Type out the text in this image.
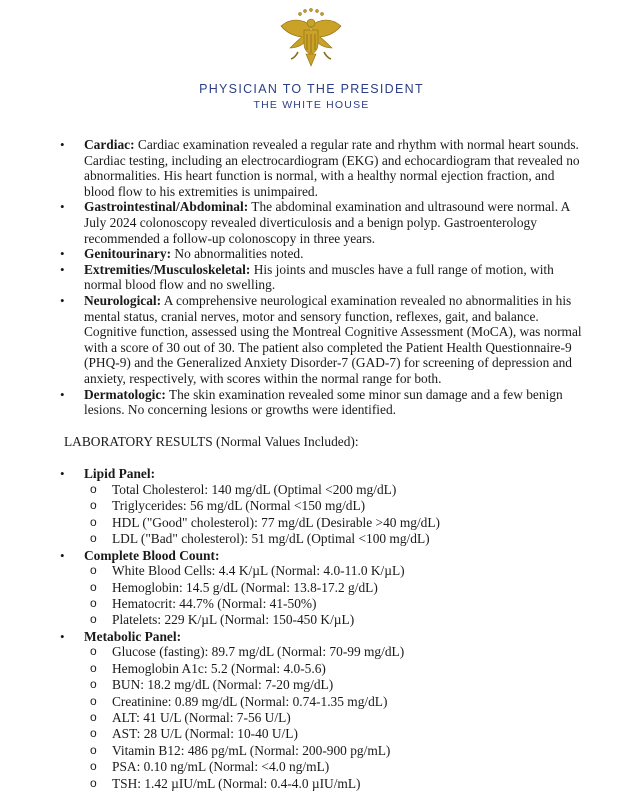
PHYSICIAN TO THE PRESIDENT
THE WHITE HOUSE
• Cardiac: Cardiac examination revealed a regular rate and rhythm with normal heart sounds. Cardiac testing, including an electrocardiogram (EKG) and echocardiogram that revealed no abnormalities. His heart function is normal, with a healthy normal ejection fraction, and blood flow to his extremities is unimpaired.
• Gastrointestinal/Abdominal: The abdominal examination and ultrasound were normal. A July 2024 colonoscopy revealed diverticulosis and a benign polyp. Gastroenterology recommended a follow-up colonoscopy in three years.
• Genitourinary: No abnormalities noted.
• Extremities/Musculoskeletal: His joints and muscles have a full range of motion, with normal blood flow and no swelling.
• Neurological: A comprehensive neurological examination revealed no abnormalities in his mental status, cranial nerves, motor and sensory function, reflexes, gait, and balance. Cognitive function, assessed using the Montreal Cognitive Assessment (MoCA), was normal with a score of 30 out of 30. The patient also completed the Patient Health Questionnaire-9 (PHQ-9) and the Generalized Anxiety Disorder-7 (GAD-7) for screening of depression and anxiety, respectively, with scores within the normal range for both.
• Dermatologic: The skin examination revealed some minor sun damage and a few benign lesions. No concerning lesions or growths were identified.
LABORATORY RESULTS (Normal Values Included):
• Lipid Panel:
o Total Cholesterol: 140 mg/dL (Optimal <200 mg/dL)
o Triglycerides: 56 mg/dL (Normal <150 mg/dL)
o HDL ("Good" cholesterol): 77 mg/dL (Desirable >40 mg/dL)
o LDL ("Bad" cholesterol): 51 mg/dL (Optimal <100 mg/dL)
• Complete Blood Count:
o White Blood Cells: 4.4 K/µL (Normal: 4.0-11.0 K/µL)
o Hemoglobin: 14.5 g/dL (Normal: 13.8-17.2 g/dL)
o Hematocrit: 44.7% (Normal: 41-50%)
o Platelets: 229 K/µL (Normal: 150-450 K/µL)
• Metabolic Panel:
o Glucose (fasting): 89.7 mg/dL (Normal: 70-99 mg/dL)
o Hemoglobin A1c: 5.2 (Normal: 4.0-5.6)
o BUN: 18.2 mg/dL (Normal: 7-20 mg/dL)
o Creatinine: 0.89 mg/dL (Normal: 0.74-1.35 mg/dL)
o ALT: 41 U/L (Normal: 7-56 U/L)
o AST: 28 U/L (Normal: 10-40 U/L)
o Vitamin B12: 486 pg/mL (Normal: 200-900 pg/mL)
o PSA: 0.10 ng/mL (Normal: <4.0 ng/mL)
o TSH: 1.42 µIU/mL (Normal: 0.4-4.0 µIU/mL)
